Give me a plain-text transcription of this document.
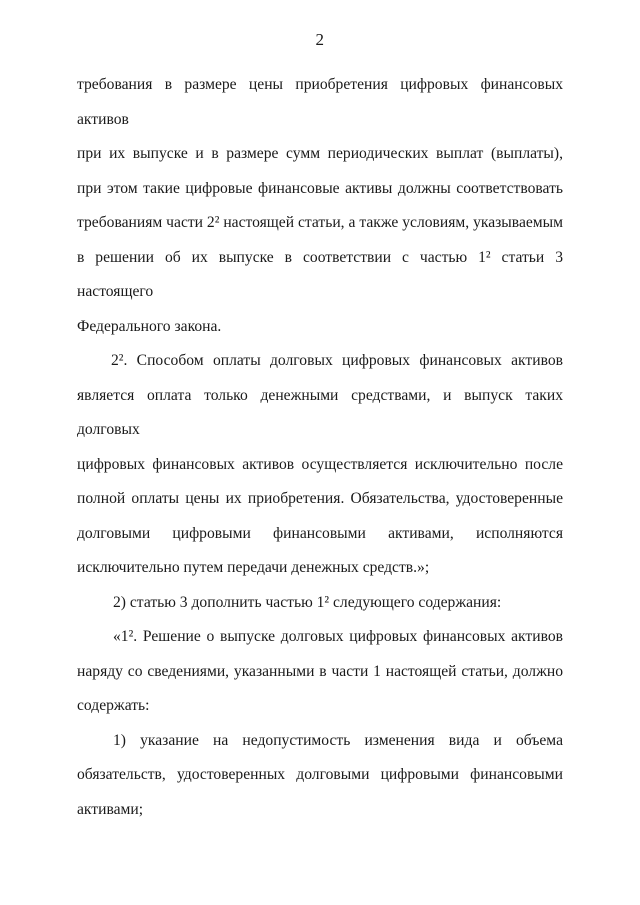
2
требования в размере цены приобретения цифровых финансовых активов
при их выпуске и в размере сумм периодических выплат (выплаты),
при этом такие цифровые финансовые активы должны соответствовать
требованиям части 2² настоящей статьи, а также условиям, указываемым
в решении об их выпуске в соответствии с частью 1² статьи 3 настоящего
Федерального закона.
2². Способом оплаты долговых цифровых финансовых активов
является оплата только денежными средствами, и выпуск таких долговых
цифровых финансовых активов осуществляется исключительно после
полной оплаты цены их приобретения. Обязательства, удостоверенные
долговыми цифровыми финансовыми активами, исполняются
исключительно путем передачи денежных средств.»;
2) статью 3 дополнить частью 1² следующего содержания:
«1². Решение о выпуске долговых цифровых финансовых активов
наряду со сведениями, указанными в части 1 настоящей статьи, должно
содержать:
1) указание на недопустимость изменения вида и объема
обязательств, удостоверенных долговыми цифровыми финансовыми
активами;
